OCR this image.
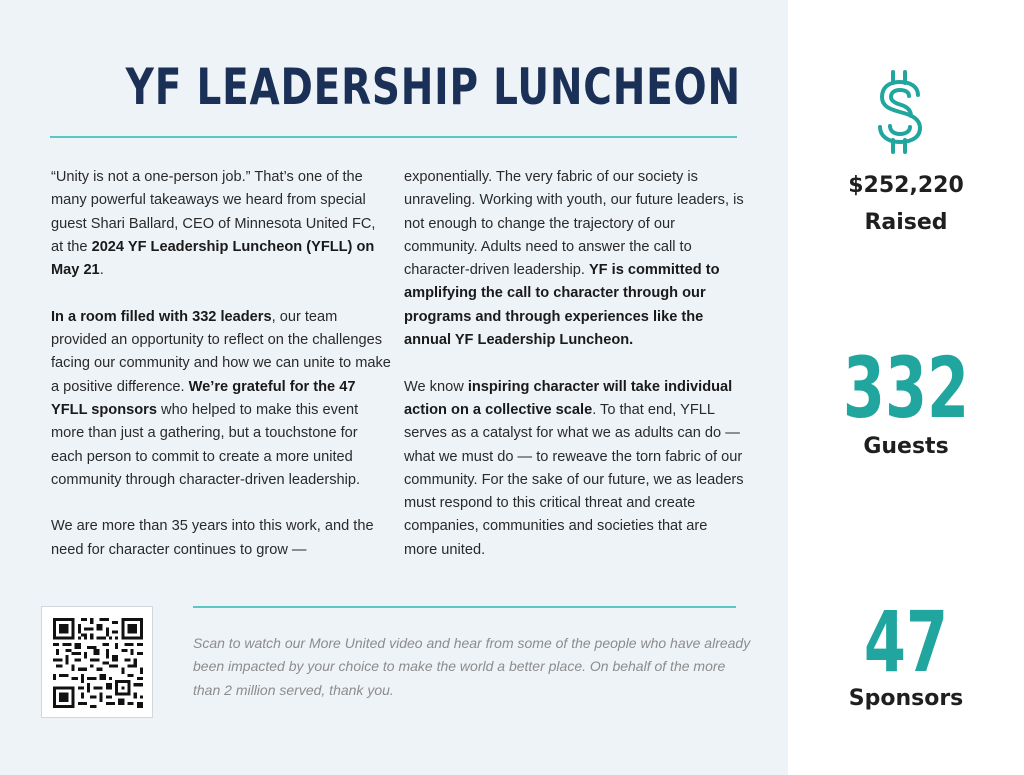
YF LEADERSHIP LUNCHEON

“Unity is not a one-person job.” That’s one of the many powerful takeaways we heard from special guest Shari Ballard, CEO of Minnesota United FC, at the 2024 YF Leadership Luncheon (YFLL) on May 21.

In a room filled with 332 leaders, our team provided an opportunity to reflect on the challenges facing our community and how we can unite to make a positive difference. We’re grateful for the 47 YFLL sponsors who helped to make this event more than just a gathering, but a touchstone for each person to commit to create a more united community through character-driven leadership.

We are more than 35 years into this work, and the need for character continues to grow —

exponentially. The very fabric of our society is unraveling. Working with youth, our future leaders, is not enough to change the trajectory of our community. Adults need to answer the call to character-driven leadership. YF is committed to amplifying the call to character through our programs and through experiences like the annual YF Leadership Luncheon.

We know inspiring character will take individual action on a collective scale. To that end, YFLL serves as a catalyst for what we as adults can do — what we must do — to reweave the torn fabric of our community. For the sake of our future, we as leaders must respond to this critical threat and create companies, communities and societies that are more united.

Scan to watch our More United video and hear from some of the people who have already been impacted by your choice to make the world a better place. On behalf of the more than 2 million served, thank you.

$252,220
Raised
332
Guests
47
Sponsors
